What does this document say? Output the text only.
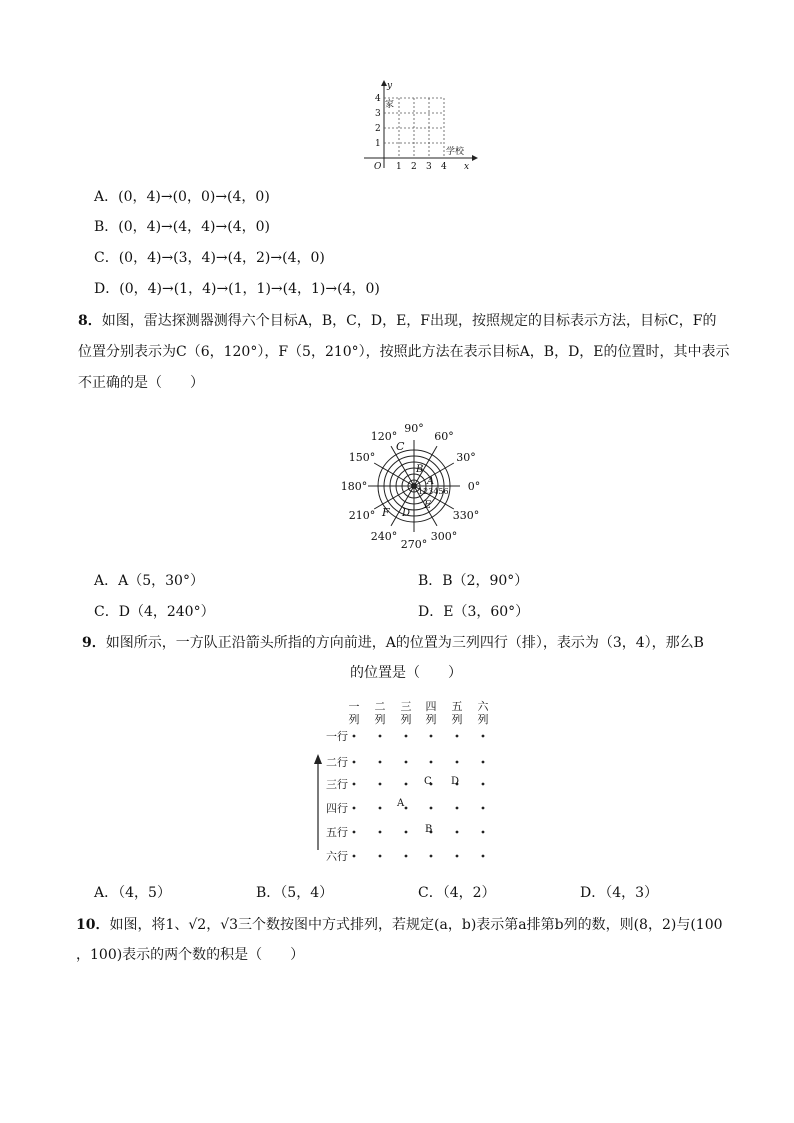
y
x
O 1 2 3 4
1
2
3
4
家
学校
A．(0，4)→(0，0)→(4，0)
B．(0，4)→(4，4)→(4，0)
C．(0，4)→(3，4)→(4，2)→(4，0)
D．(0，4)→(1，4)→(1，1)→(4，1)→(4，0)
8．如图，雷达探测器测得六个目标A，B，C，D，E，F出现，按照规定的目标表示方法，目标C，F的
位置分别表示为C（6，120°），F（5，210°），按照此方法在表示目标A，B，D，E的位置时，其中表示
不正确的是（　　）
0°
30°
60°
90°
120°
150°
180°
210°
240°
270°
300°
330°
123456
C
B
A
E
D
F
A．A（5，30°）	B．B（2，90°）
C．D（4，240°）	D．E（3，60°）
9．如图所示，一方队正沿箭头所指的方向前进，A的位置为三列四行（排），表示为（3，4），那么B
的位置是（　　）
一
列
二
列
三
列
四
列
五
列
六
列
一行
二行
三行
四行
五行
六行
A
B
C D
A．（4，5）	B．（5，4）	C．（4，2）	D．（4，3）
10．如图，将1、√2，√3三个数按图中方式排列，若规定(a，b)表示第a排第b列的数，则(8，2)与(100
，100)表示的两个数的积是（　　）
